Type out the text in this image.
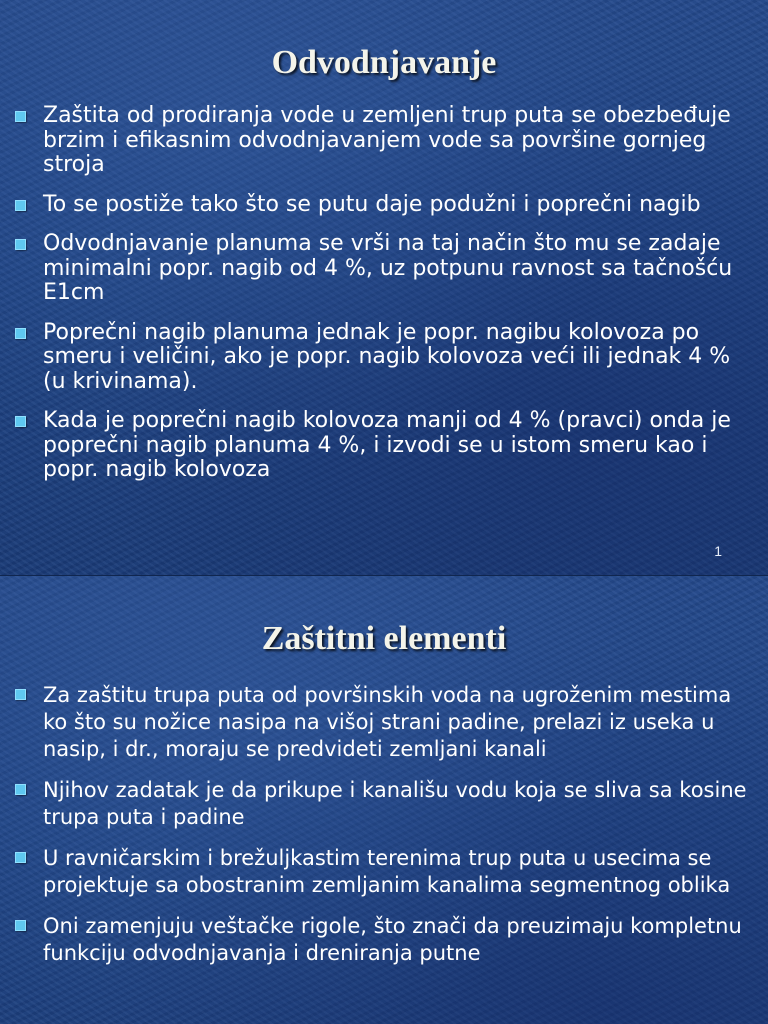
Odvodnjavanje
Zaštita od prodiranja vode u zemljeni trup puta se obezbeđuje brzim i efikasnim odvodnjavanjem vode sa površine gornjeg stroja
To se postiže tako što se putu daje podužni i poprečni nagib
Odvodnjavanje planuma se vrši na taj način što mu se zadaje minimalni popr. nagib od 4 %, uz potpunu ravnost sa tačnošću E1cm
Poprečni nagib planuma jednak je popr. nagibu kolovoza po smeru i veličini, ako je popr. nagib kolovoza veći ili jednak 4 % (u krivinama).
Kada je poprečni nagib kolovoza manji od 4 % (pravci) onda je poprečni nagib planuma 4 %, i izvodi se u istom smeru kao i popr. nagib kolovoza
1
Zaštitni elementi
Za zaštitu trupa puta od površinskih voda na ugroženim mestima ko što su nožice nasipa na višoj strani padine, prelazi iz useka u nasip, i dr., moraju se predvideti zemljani kanali
Njihov zadatak je da prikupe i kanališu vodu koja se sliva sa kosine trupa puta i padine
U ravničarskim i brežuljkastim terenima trup puta u usecima se projektuje sa obostranim zemljanim kanalima segmentnog oblika
Oni zamenjuju veštačke rigole, što znači da preuzimaju kompletnu funkciju odvodnjavanja i dreniranja putne
